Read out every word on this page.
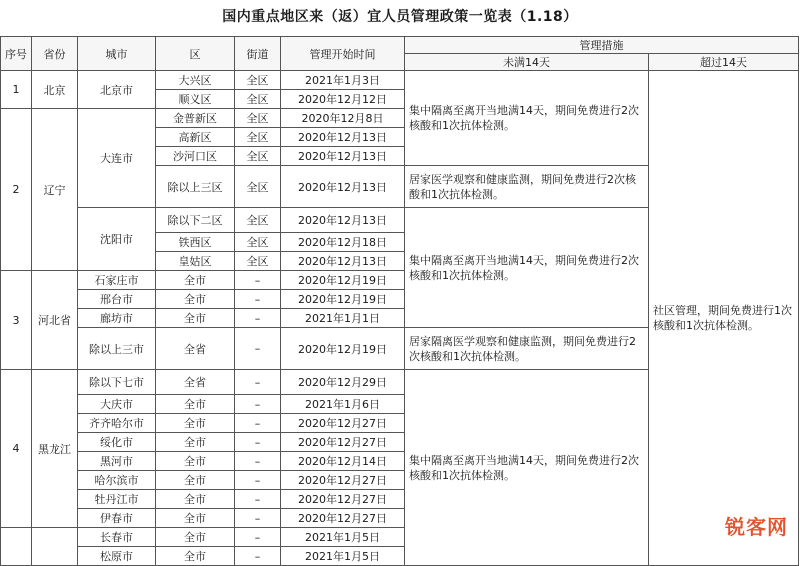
国内重点地区来（返）宜人员管理政策一览表（1.18）
序号	省份	城市	区	街道	管理开始时间	管理措施	
						未满14天	超过14天
1	北京	北京市	大兴区	全区	2021年1月3日	集中隔离至离开当地满14天，期间免费进行2次核酸和1次抗体检测。	社区管理，期间免费进行1次核酸和1次抗体检测。
			顺义区	全区	2020年12月12日		
2	辽宁	大连市	金普新区	全区	2020年12月8日		
			高新区	全区	2020年12月13日		
			沙河口区	全区	2020年12月13日		
			除以上三区	全区	2020年12月13日	居家医学观察和健康监测，期间免费进行2次核酸和1次抗体检测。	
		沈阳市	除以下二区	全区	2020年12月13日	集中隔离至离开当地满14天，期间免费进行2次核酸和1次抗体检测。	
			铁西区	全区	2020年12月18日		
			皇姑区	全区	2020年12月13日		
3	河北省	石家庄市	全市	–	2020年12月19日		
		邢台市	全市	–	2020年12月19日		
		廊坊市	全市	–	2021年1月1日		
		除以上三市	全省	–	2020年12月19日	居家隔离医学观察和健康监测，期间免费进行2次核酸和1次抗体检测。	
4	黑龙江	除以下七市	全省	–	2020年12月29日	集中隔离至离开当地满14天，期间免费进行2次核酸和1次抗体检测。	
		大庆市	全市	–	2021年1月6日		
		齐齐哈尔市	全市	–	2020年12月27日		
		绥化市	全市	–	2020年12月27日		
		黑河市	全市	–	2020年12月14日		
		哈尔滨市	全市	–	2020年12月27日		
		牡丹江市	全市	–	2020年12月27日		
		伊春市	全市	–	2020年12月27日		
		长春市	全市	–	2021年1月5日		
		松原市	全市	–	2021年1月5日		
锐客网
